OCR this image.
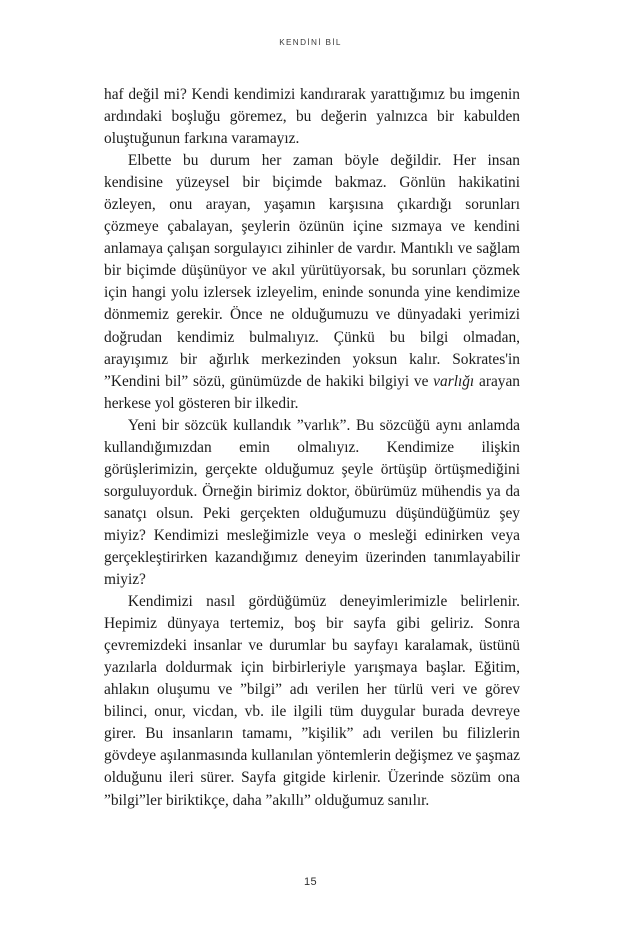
KENDİNİ BİL

haf değil mi? Kendi kendimizi kandırarak yarattığımız bu imgenin ardındaki boşluğu göremez, bu değerin yalnızca bir kabulden oluştuğunun farkına varamayız.

Elbette bu durum her zaman böyle değildir. Her insan kendisine yüzeysel bir biçimde bakmaz. Gönlün hakikatini özleyen, onu arayan, yaşamın karşısına çıkardığı sorunları çözmeye çabalayan, şeylerin özünün içine sızmaya ve kendini anlamaya çalışan sorgulayıcı zihinler de vardır. Mantıklı ve sağlam bir biçimde düşünüyor ve akıl yürütüyorsak, bu sorunları çözmek için hangi yolu izlersek izleyelim, eninde sonunda yine kendimize dönmemiz gerekir. Önce ne olduğumuzu ve dünyadaki yerimizi doğrudan kendimiz bulmalıyız. Çünkü bu bilgi olmadan, arayışımız bir ağırlık merkezinden yoksun kalır. Sokrates'in ”Kendini bil” sözü, günümüzde de hakiki bilgiyi ve varlığı arayan herkese yol gösteren bir ilkedir.

Yeni bir sözcük kullandık ”varlık”. Bu sözcüğü aynı anlamda kullandığımızdan emin olmalıyız. Kendimize ilişkin görüşlerimizin, gerçekte olduğumuz şeyle örtüşüp örtüşmediğini sorguluyorduk. Örneğin birimiz doktor, öbürümüz mühendis ya da sanatçı olsun. Peki gerçekten olduğumuzu düşündüğümüz şey miyiz? Kendimizi mesleğimizle veya o mesleği edinirken veya gerçekleştirirken kazandığımız deneyim üzerinden tanımlayabilir miyiz?

Kendimizi nasıl gördüğümüz deneyimlerimizle belirlenir. Hepimiz dünyaya tertemiz, boş bir sayfa gibi geliriz. Sonra çevremizdeki insanlar ve durumlar bu sayfayı karalamak, üstünü yazılarla doldurmak için birbirleriyle yarışmaya başlar. Eğitim, ahlakın oluşumu ve ”bilgi” adı verilen her türlü veri ve görev bilinci, onur, vicdan, vb. ile ilgili tüm duygular burada devreye girer. Bu insanların tamamı, ”kişilik” adı verilen bu filizlerin gövdeye aşılanmasında kullanılan yöntemlerin değişmez ve şaşmaz olduğunu ileri sürer. Sayfa gitgide kirlenir. Üzerinde sözüm ona ”bilgi”ler biriktikçe, daha ”akıllı” olduğumuz sanılır.

15
